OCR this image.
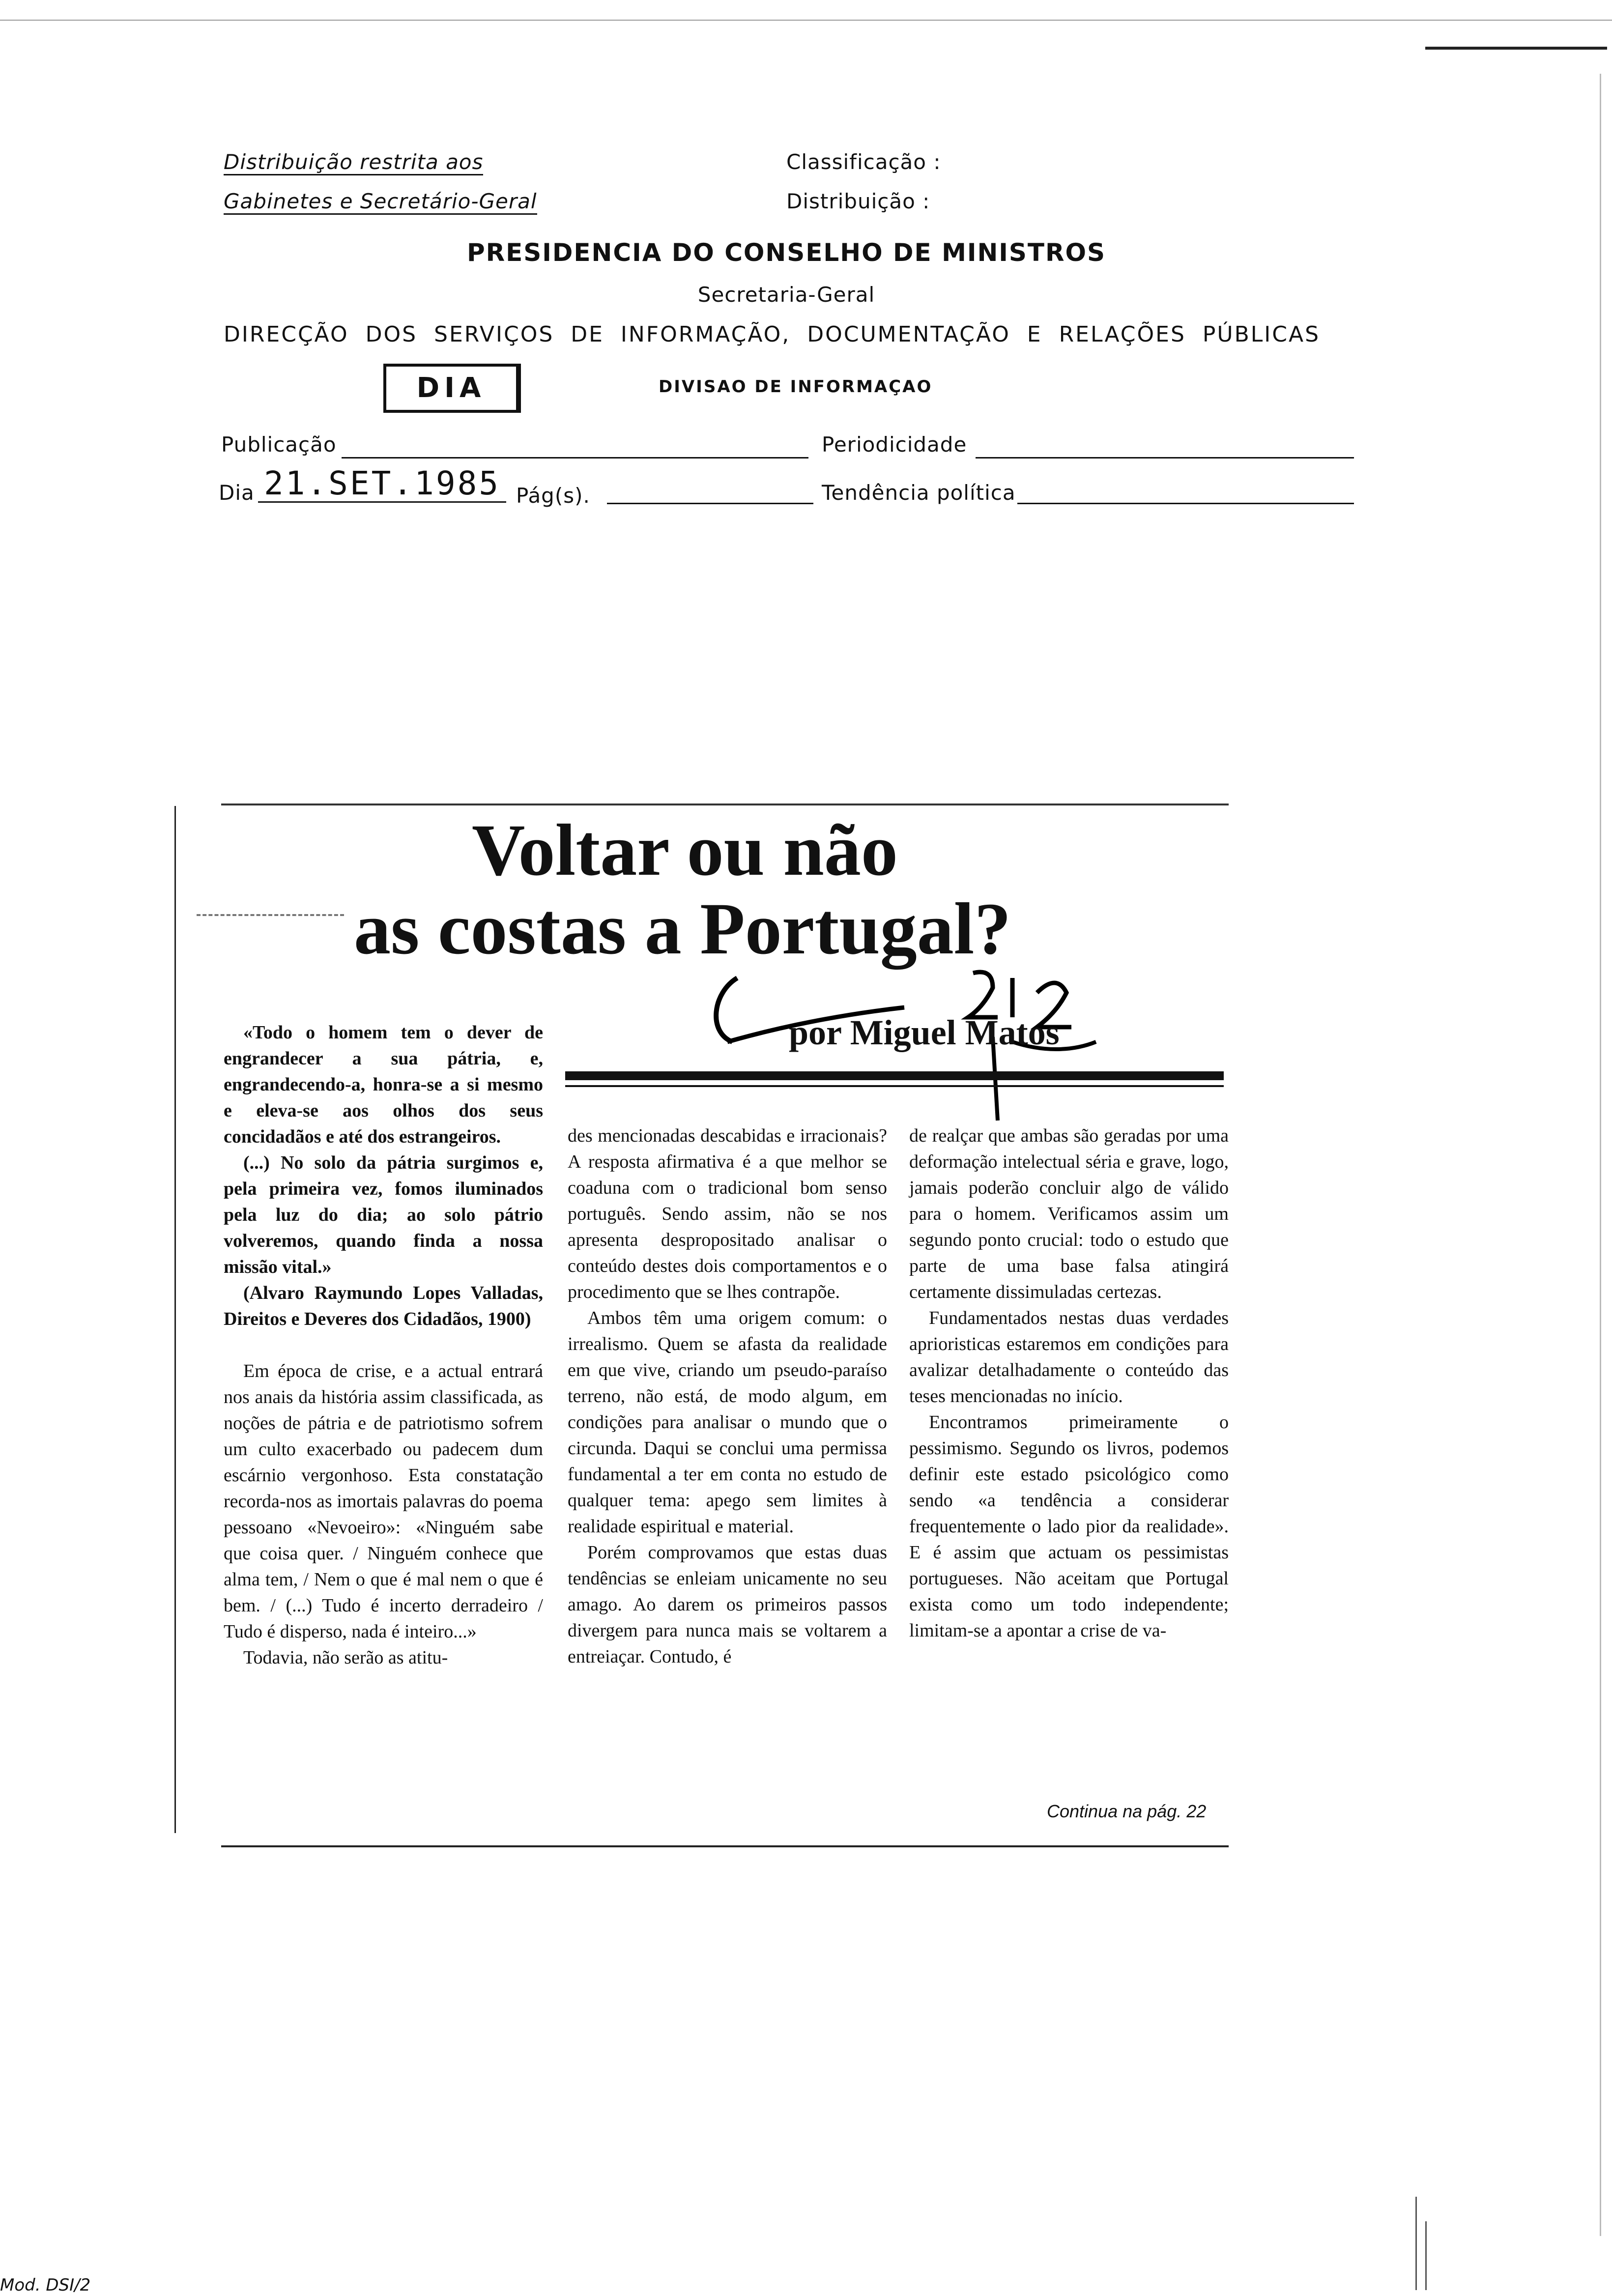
Distribuição restrita aos
Gabinetes e Secretário-Geral
Classificação :
Distribuição :
PRESIDENCIA DO CONSELHO DE MINISTROS
Secretaria-Geral
DIRECÇÃO  DOS  SERVIÇOS  DE  INFORMAÇÃO,  DOCUMENTAÇÃO  E  RELAÇÕES  PÚBLICAS
DIA	DIVISAO DE INFORMAÇAO
Publicação	Periodicidade
Dia 21.SET.1985 Pág(s).	Tendência política
Voltar ou não
as costas a Portugal?
por Miguel Matos

«Todo o homem tem o dever de engrandecer a sua pátria, e, engrandecendo-a, honra-se a si mesmo e eleva-se aos olhos dos seus concidadãos e até dos estrangeiros.

(...) No solo da pátria surgimos e, pela primeira vez, fomos iluminados pela luz do dia; ao solo pátrio volveremos, quando finda a nossa missão vital.»

(Alvaro Raymundo Lopes Valladas, Direitos e Deveres dos Cidadãos, 1900)

Em época de crise, e a actual entrará nos anais da história assim classificada, as noções de pátria e de patriotismo sofrem um culto exacerbado ou padecem dum escárnio vergonhoso. Esta constatação recorda-nos as imortais palavras do poema pessoano «Nevoeiro»: «Ninguém sabe que coisa quer. / Ninguém conhece que alma tem, / Nem o que é mal nem o que é bem. / (...) Tudo é incerto derradeiro / Tudo é disperso, nada é inteiro...»

Todavia, não serão as atitu-

des mencionadas descabidas e irracionais? A resposta afirmativa é a que melhor se coaduna com o tradicional bom senso português. Sendo assim, não se nos apresenta despropositado analisar o conteúdo destes dois comportamentos e o procedimento que se lhes contrapõe.

Ambos têm uma origem comum: o irrealismo. Quem se afasta da realidade em que vive, criando um pseudo-paraíso terreno, não está, de modo algum, em condições para analisar o mundo que o circunda. Daqui se conclui uma permissa fundamental a ter em conta no estudo de qualquer tema: apego sem limites à realidade espiritual e material.

Porém comprovamos que estas duas tendências se enleiam unicamente no seu amago. Ao darem os primeiros passos divergem para nunca mais se voltarem a entreiaçar. Contudo, é

de realçar que ambas são geradas por uma deformação intelectual séria e grave, logo, jamais poderão concluir algo de válido para o homem. Verificamos assim um segundo ponto crucial: todo o estudo que parte de uma base falsa atingirá certamente dissimuladas certezas.

Fundamentados nestas duas verdades aprioristicas estaremos em condições para avalizar detalhadamente o conteúdo das teses mencionadas no início.

Encontramos primeiramente o pessimismo. Segundo os livros, podemos definir este estado psicológico como sendo «a tendência a considerar frequentemente o lado pior da realidade». E é assim que actuam os pessimistas portugueses. Não aceitam que Portugal exista como um todo independente; limitam-se a apontar a crise de va-

Continua na pág. 22
Mod. DSI/2
